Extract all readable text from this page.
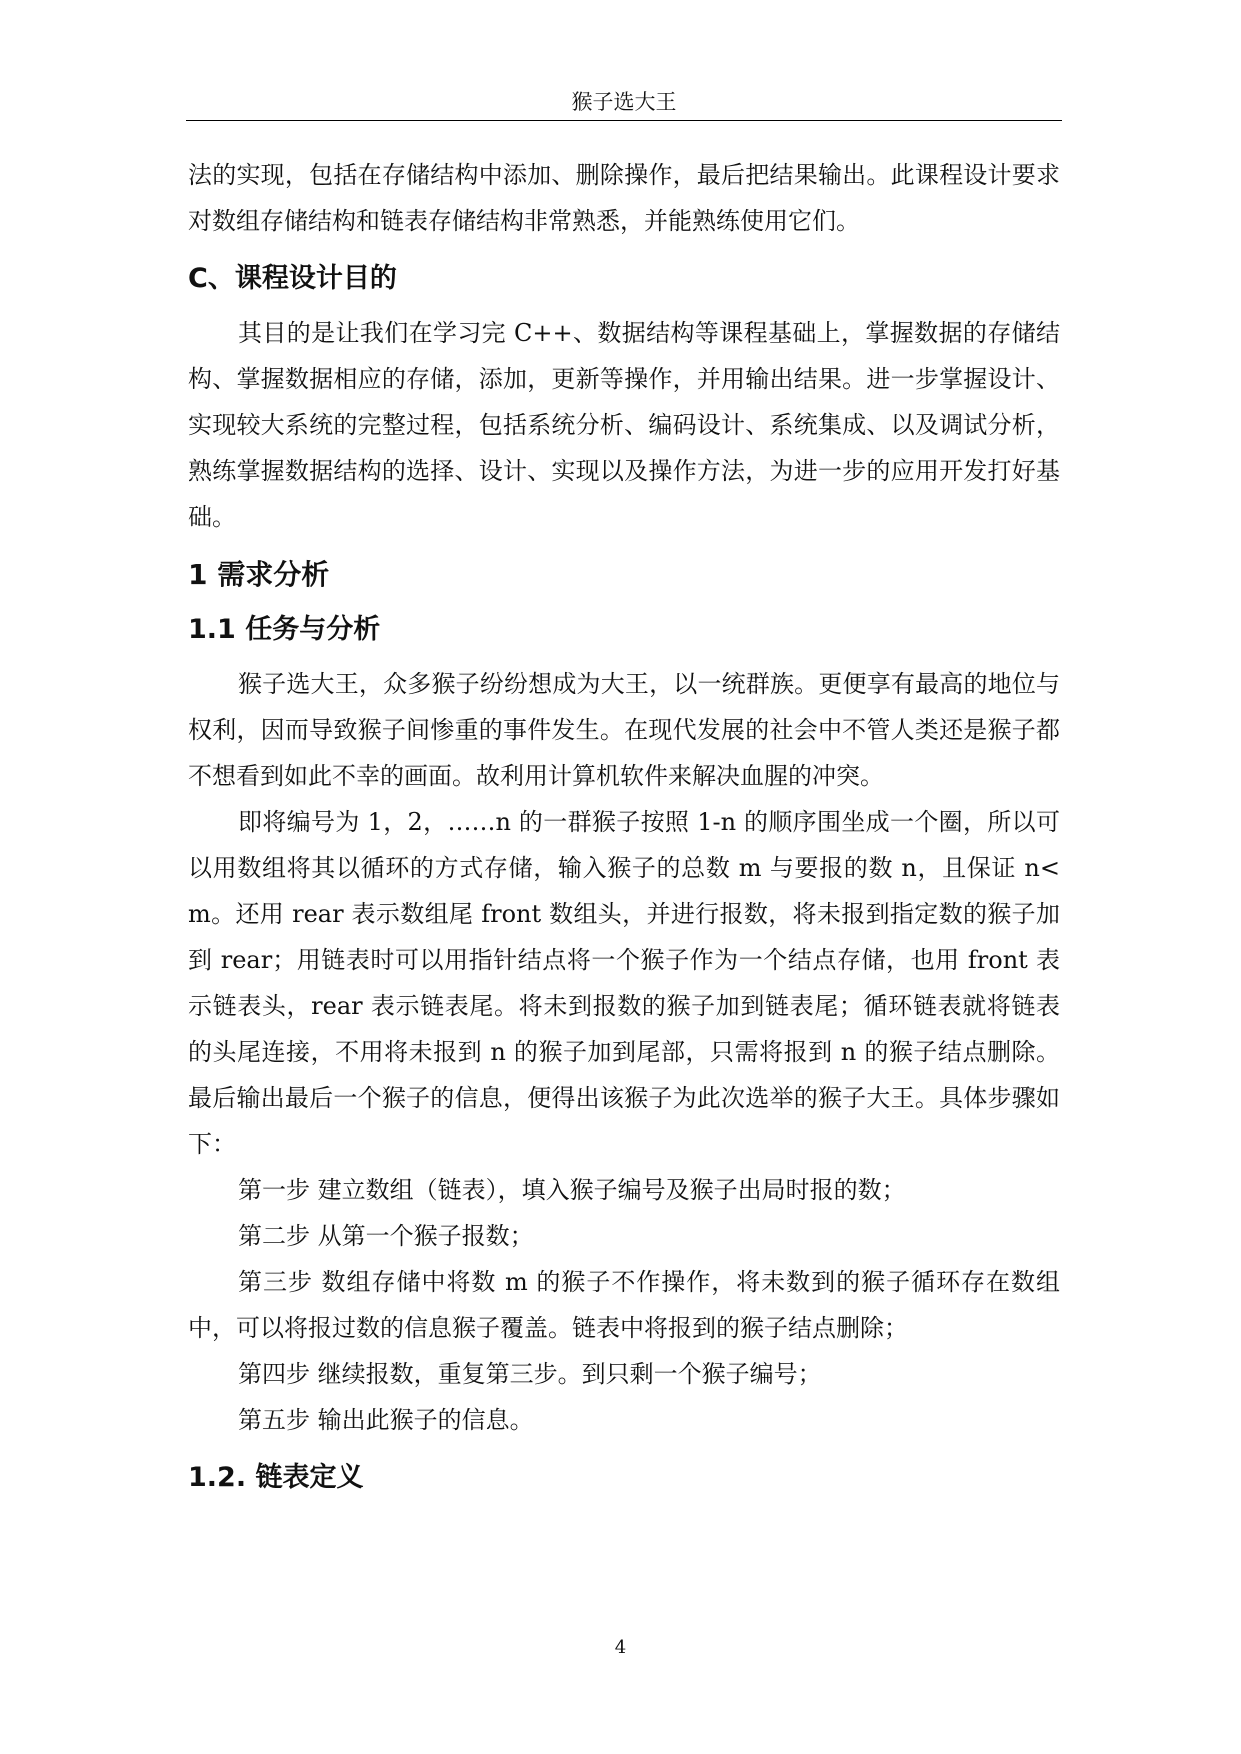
猴子选大王

法的实现，包括在存储结构中添加、删除操作，最后把结果输出。此课程设计要求对数组存储结构和链表存储结构非常熟悉，并能熟练使用它们。

C、课程设计目的

其目的是让我们在学习完 C++、数据结构等课程基础上，掌握数据的存储结构、掌握数据相应的存储，添加，更新等操作，并用输出结果。进一步掌握设计、实现较大系统的完整过程，包括系统分析、编码设计、系统集成、以及调试分析，熟练掌握数据结构的选择、设计、实现以及操作方法，为进一步的应用开发打好基础。

1 需求分析
1.1 任务与分析

猴子选大王，众多猴子纷纷想成为大王，以一统群族。更便享有最高的地位与权利，因而导致猴子间惨重的事件发生。在现代发展的社会中不管人类还是猴子都不想看到如此不幸的画面。故利用计算机软件来解决血腥的冲突。

即将编号为 1，2，……n 的一群猴子按照 1-n 的顺序围坐成一个圈，所以可以用数组将其以循环的方式存储，输入猴子的总数 m 与要报的数 n，且保证 n<m。还用 rear 表示数组尾 front 数组头，并进行报数，将未报到指定数的猴子加到 rear；用链表时可以用指针结点将一个猴子作为一个结点存储，也用 front 表示链表头，rear 表示链表尾。将未到报数的猴子加到链表尾；循环链表就将链表的头尾连接，不用将未报到 n 的猴子加到尾部，只需将报到 n 的猴子结点删除。最后输出最后一个猴子的信息，便得出该猴子为此次选举的猴子大王。具体步骤如下：

第一步 建立数组（链表），填入猴子编号及猴子出局时报的数；

第二步 从第一个猴子报数；

第三步 数组存储中将数 m 的猴子不作操作，将未数到的猴子循环存在数组中，可以将报过数的信息猴子覆盖。链表中将报到的猴子结点删除；

第四步 继续报数，重复第三步。到只剩一个猴子编号；

第五步 输出此猴子的信息。

1.2. 链表定义
4
